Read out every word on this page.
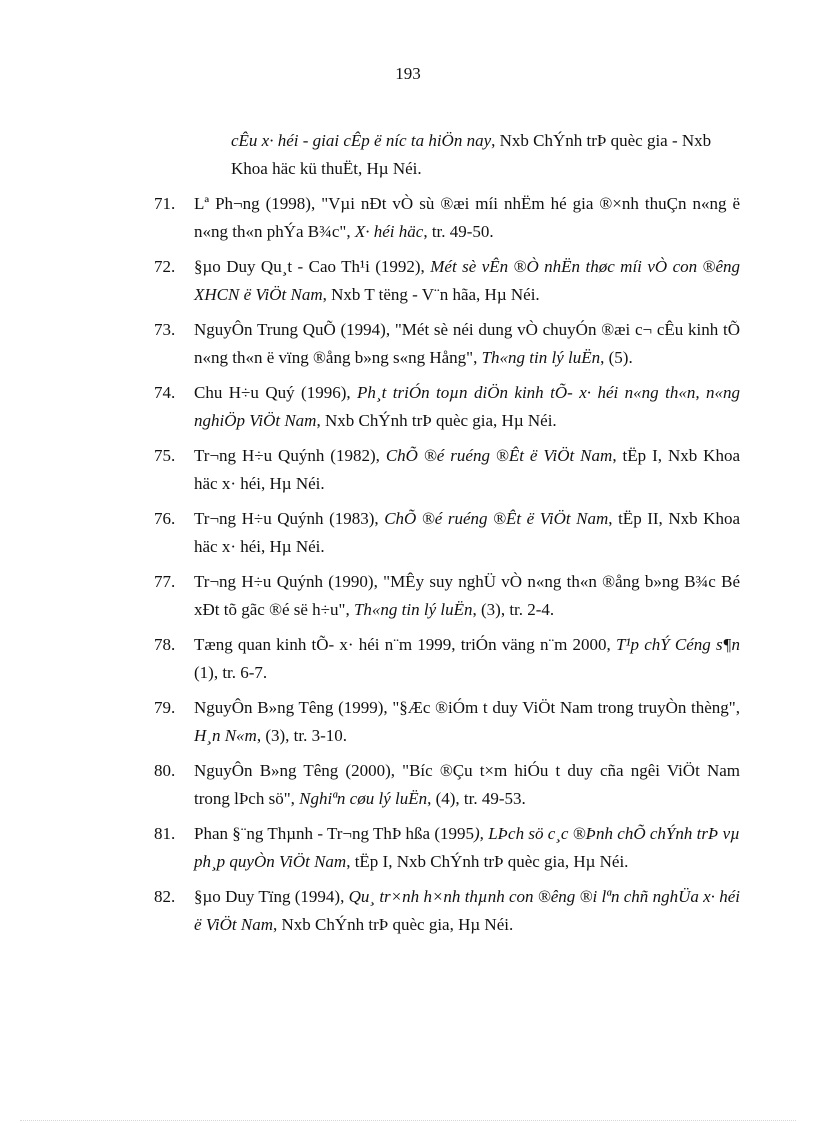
193
cÊu x· héi - giai cÊp ë níc ta hiÖn nay, Nxb ChÝnh trÞ quèc gia - Nxb Khoa häc kü thuËt, Hµ Néi.
71.	Lª Ph¬ng (1998), "Vµi nÐt vÒ sù ®æi míi nhËm hé gia ®×nh thuÇn n«ng ë n«ng th«n phÝa B¾c", X· héi häc, tr. 49-50.
72.	§µo Duy Qu¸t - Cao Th¹i (1992), Mét sè vÊn ®Ò nhËn thøc míi vÒ con ®êng XHCN ë ViÖt Nam, Nxb T tëng - V¨n hãa, Hµ Néi.
73.	NguyÔn Trung QuÕ (1994), "Mét sè néi dung vÒ chuyÓn ®æi c¬ cÊu kinh tÕ n«ng th«n ë vïng ®ång b»ng s«ng Hång", Th«ng tin lý luËn, (5).
74.	Chu H÷u Quý (1996), Ph¸t triÓn toµn diÖn kinh tÕ- x· héi n«ng th«n, n«ng nghiÖp ViÖt Nam, Nxb ChÝnh trÞ quèc gia, Hµ Néi.
75.	Tr¬ng H÷u Quýnh (1982), ChÕ ®é ruéng ®Êt ë ViÖt Nam, tËp I, Nxb Khoa häc x· héi, Hµ Néi.
76.	Tr¬ng H÷u Quýnh (1983), ChÕ ®é ruéng ®Êt ë ViÖt Nam, tËp II, Nxb Khoa häc x· héi, Hµ Néi.
77.	Tr¬ng H÷u Quýnh (1990), "MÊy suy nghÜ vÒ n«ng th«n ®ång b»ng B¾c Bé xÐt tõ gãc ®é së h÷u", Th«ng tin lý luËn, (3), tr. 2-4.
78.	Tæng quan kinh tÕ- x· héi n¨m 1999, triÓn väng n¨m 2000, T¹p chÝ Céng s¶n (1), tr. 6-7.
79.	NguyÔn B»ng Têng (1999), "§Æc ®iÓm t duy ViÖt Nam trong truyÒn thèng", H¸n N«m, (3), tr. 3-10.
80.	NguyÔn B»ng Têng (2000), "Bíc ®Çu t×m hiÓu t duy cña ngêi ViÖt Nam trong lÞch sö", Nghiªn cøu lý luËn, (4), tr. 49-53.
81.	Phan §¨ng Thµnh - Tr¬ng ThÞ hßa (1995), LÞch sö c¸c ®Þnh chÕ chÝnh trÞ vµ ph¸p quyÒn ViÖt Nam, tËp I, Nxb ChÝnh trÞ quèc gia, Hµ Néi.
82.	§µo Duy Tïng (1994), Qu¸ tr×nh h×nh thµnh con ®êng ®i lªn chñ nghÜa x· héi ë ViÖt Nam, Nxb ChÝnh trÞ quèc gia, Hµ Néi.
